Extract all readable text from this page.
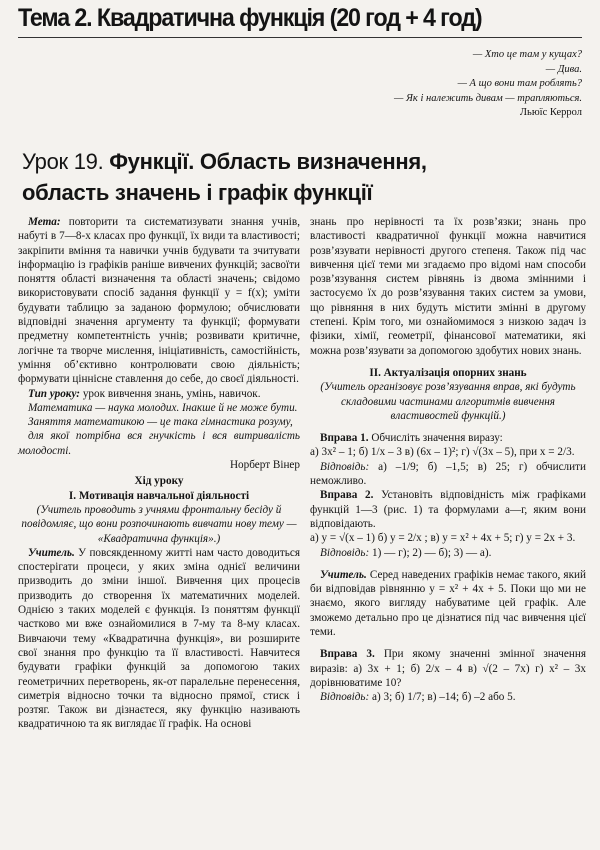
Тема 2. Квадратична функція (20 год + 4 год)
— Хто це там у кущах?
— Дива.
— А що вони там роблять?
— Як і належить дивам — трапляються.
Льюїс Керрол
Урок 19. Функції. Область визначення,
область значень і графік функції

Мета: повторити та систематизувати знання учнів, набуті в 7—8-х класах про функції, їх види та властивості; закріпити вміння та навички учнів будувати та зчитувати інформацію із графіків раніше вивчених функцій; засвоїти поняття області визначення та області значень; свідомо використовувати спосіб задання функції y = f(x); уміти будувати таблицю за заданою формулою; обчислювати відповідні значення аргументу та функції; формувати предметну компетентність учнів; розвивати критичне, логічне та творче мислення, ініціативність, самостійність, уміння об’єктивно контролювати свою діяльність; формувати ціннісне ставлення до себе, до своєї діяльності.

Тип уроку: урок вивчення знань, умінь, навичок.

Математика — наука молодих. Інакше й не може бути.

Заняття математикою — це така гімнастика розуму,

для якої потрібна вся гнучкість і вся витривалість молодості.

Норберт Вінер

Хід уроку

I. Мотивація навчальної діяльності

(Учитель проводить з учнями фронтальну бесіду й повідомляє, що вони розпочинають вивчати нову тему — «Квадратична функція».)

Учитель. У повсякденному житті нам часто доводиться спостерігати процеси, у яких зміна однієї величини призводить до зміни іншої. Вивчення цих процесів призводить до створення їх математичних моделей. Однією з таких моделей є функція. Із поняттям функції частково ми вже ознайомилися в 7-му та 8-му класах. Вивчаючи тему «Квадратична функція», ви розширите свої знання про функцію та її властивості. Навчитеся будувати графіки функцій за допомогою таких геометричних перетворень, як-от паралельне перенесення, симетрія відносно точки та відносно прямої, стиск і розтяг. Також ви дізнаєтеся, яку функцію називають квадратичною та як виглядає її графік. На основі

знань про нерівності та їх розв’язки; знань про властивості квадратичної функції можна навчитися розв’язувати нерівності другого степеня. Також під час вивчення цієї теми ми згадаємо про відомі нам способи розв’язування систем рівнянь із двома змінними і застосуємо їх до розв’язування таких систем за умови, що рівняння в них будуть містити змінні в другому степені. Крім того, ми ознайомимося з низкою задач із фізики, хімії, геометрії, фінансової математики, які можна розв’язувати за допомогою здобутих нових знань.

II. Актуалізація опорних знань

(Учитель організовує розв’язування вправ, які будуть складовими частинами алгоритмів вивчення властивостей функцій.)

Вправа 1. Обчисліть значення виразу:

а) 3x² – 1; б) 1/x – 3 в) (6x – 1)²; г) √(3x – 5), при x = 2/3.

Відповідь: а) –1/9; б) –1,5; в) 25; г) обчислити неможливо.

Вправа 2. Установіть відповідність між графіками функцій 1—3 (рис. 1) та формулами а—г, яким вони відповідають.

а) y = √(x – 1) б) y = 2/x ; в) y = x² + 4x + 5; г) y = 2x + 3.

Відповідь: 1) — г); 2) — б); 3) — а).

Учитель. Серед наведених графіків немає такого, який би відповідав рівнянню y = x² + 4x + 5. Поки що ми не знаємо, якого вигляду набуватиме цей графік. Але зможемо детально про це дізнатися під час вивчення цієї теми.

Вправа 3. При якому значенні змінної значення виразів: а) 3x + 1; б) 2/x – 4 в) √(2 – 7x) г) x² – 3x дорівнюватиме 10?

Відповідь: а) 3; б) 1/7; в) –14; б) –2 або 5.
